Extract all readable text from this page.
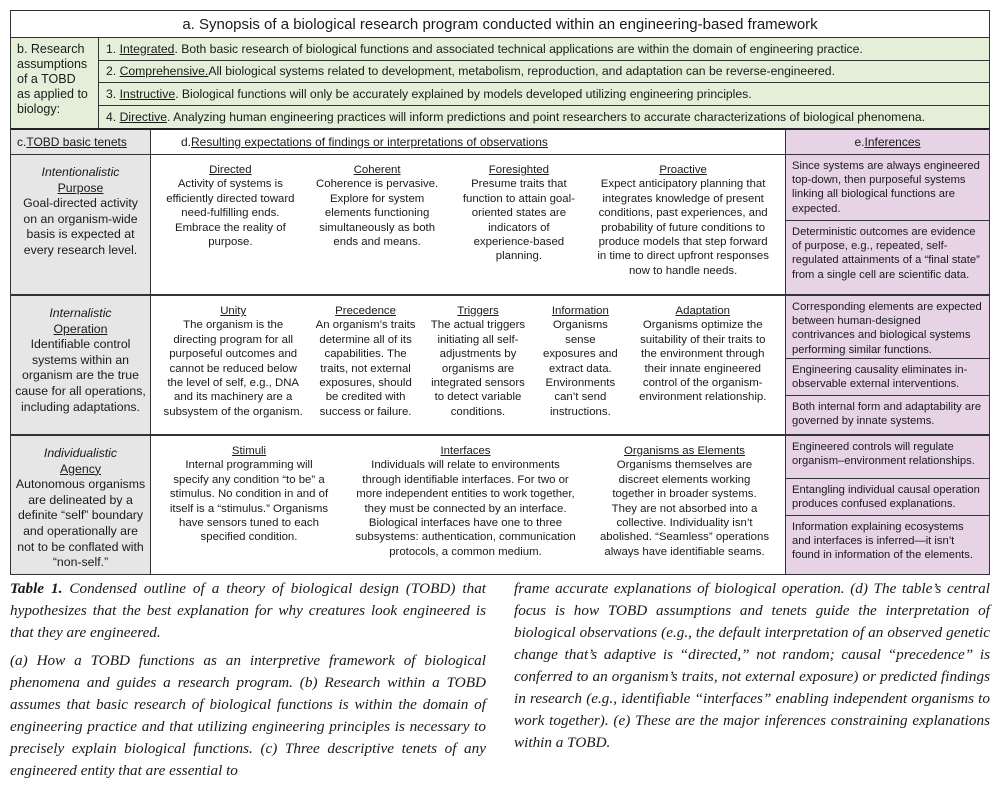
a. Synopsis of a biological research program conducted within an engineering-based framework
b. Research assumptions of a TOBD as applied to biology:
1.
Integrated . Both basic research of biological functions and associated technical applications are within the domain of engineering practice.
2.
Comprehensive. All biological systems related to development, metabolism, reproduction, and adaptation can be reverse-engineered.
3.
Instructive . Biological functions will only be accurately explained by models developed utilizing engineering principles.
4.
Directive . Analyzing human engineering practices will inform predictions and point researchers to accurate characterizations of biological phenomena.
c. TOBD basic tenets	d. Resulting expectations of findings or interpretations of observations	e. Inferences
Intentionalistic
Purpose
Goal-directed activity on an organism-wide basis is expected at every research level.
Directed
Activity of systems is efficiently directed toward need-fulfilling ends. Embrace the reality of purpose.
Coherent
Coherence is pervasive. Explore for system elements functioning simultaneously as both ends and means.
Foresighted
Presume traits that function to attain goal-oriented states are indicators of experience-based planning.
Proactive
Expect anticipatory planning that integrates knowledge of present conditions, past experiences, and probability of future conditions to produce models that step forward in time to direct upfront responses now to handle needs.
Since systems are always engineered top-down, then purposeful systems linking all biological functions are expected.
Deterministic outcomes are evidence of purpose, e.g., repeated, self-regulated attainments of a “final state” from a single cell are scientific data.
Internalistic
Operation
Identifiable control systems within an organism are the true cause for all operations, including adaptations.
Unity
The organism is the directing program for all purposeful outcomes and cannot be reduced below the level of self, e.g., DNA and its machinery are a subsystem of the organism.
Precedence
An organism’s traits determine all of its capabilities. The traits, not external exposures, should be credited with success or failure.
Triggers
The actual triggers initiating all self-adjustments by organisms are integrated sensors to detect variable conditions.
Information
Organisms sense exposures and extract data. Environments can’t send instructions.
Adaptation
Organisms optimize the suitability of their traits to the environment through their innate engineered control of the organism-environment relationship.
Corresponding elements are expected between human-designed contrivances and biological systems performing similar functions.
Engineering causality eliminates in-observable external interventions.
Both internal form and adaptability are governed by innate systems.
Individualistic
Agency
Autonomous organisms are delineated by a definite “self” boundary and operationally are not to be conflated with “non-self.”
Stimuli
Internal programming will specify any condition “to be” a stimulus. No condition in and of itself is a “stimulus.” Organisms have sensors tuned to each specified condition.
Interfaces
Individuals will relate to environments through identifiable interfaces. For two or more independent entities to work together, they must be connected by an interface. Biological interfaces have one to three subsystems: authentication, communication protocols, a common medium.
Organisms as Elements
Organisms themselves are discreet elements working together in broader systems. They are not absorbed into a collective. Individuality isn’t abolished. “Seamless” operations always have identifiable seams.
Engineered controls will regulate organism–environment relationships.
Entangling individual causal operation produces confused explanations.
Information explaining ecosystems and interfaces is inferred—it isn’t found in information of the elements.

Table 1. Condensed outline of a theory of biological design (TOBD) that hypothesizes that the best explanation for why creatures look engineered is that they are engineered.

(a) How a TOBD functions as an interpretive framework of biological phenomena and guides a research program. (b) Research within a TOBD assumes that basic research of biological functions is within the domain of engineering practice and that utilizing engineering principles is necessary to precisely explain biological functions. (c) Three descriptive tenets of any engineered entity that are essential to

frame accurate explanations of biological operation. (d) The table’s central focus is how TOBD assumptions and tenets guide the interpretation of biological observations (e.g., the default interpretation of an observed genetic change that’s adaptive is “directed,” not random; causal “precedence” is conferred to an organism’s traits, not external exposure) or predicted findings in research (e.g., identifiable “interfaces” enabling independent organisms to work together). (e) These are the major inferences constraining explanations within a TOBD.
